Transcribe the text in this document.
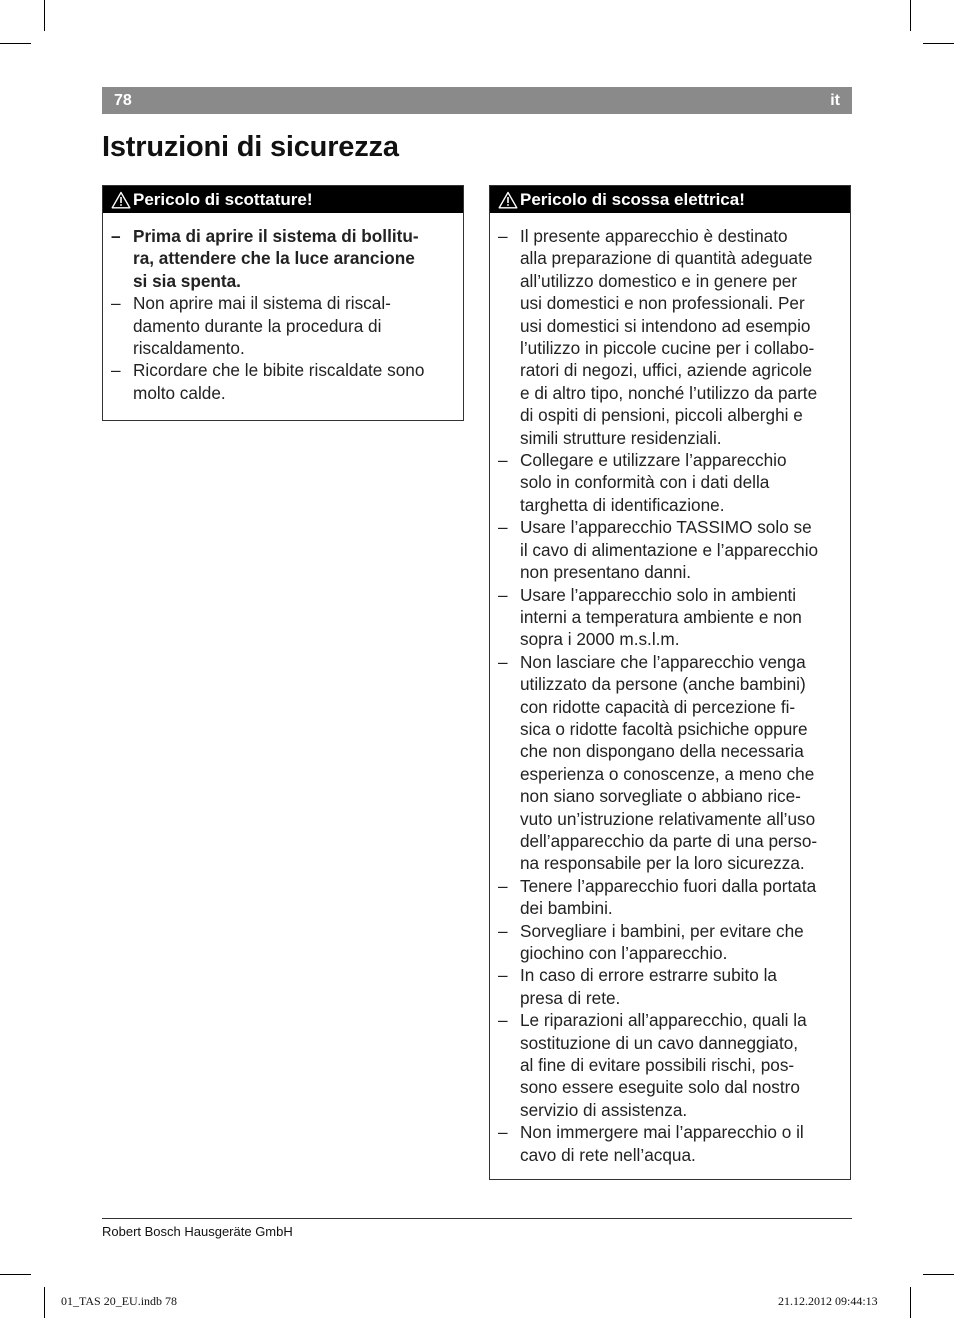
78	it
Istruzioni di sicurezza
Pericolo di scottature!
– Prima di aprire il sistema di bollitu-
ra, attendere che la luce arancione
si sia spenta.
– Non aprire mai il sistema di riscal-
damento durante la procedura di
riscaldamento.
– Ricordare che le bibite riscaldate sono
molto calde.
Pericolo di scossa elettrica!
– Il presente apparecchio è destinato
alla preparazione di quantità adeguate
all’utilizzo domestico e in genere per
usi domestici e non professionali. Per
usi domestici si intendono ad esempio
l’utilizzo in piccole cucine per i collabo-
ratori di negozi, uffici, aziende agricole
e di altro tipo, nonché l’utilizzo da parte
di ospiti di pensioni, piccoli alberghi e
simili strutture residenziali.
– Collegare e utilizzare l’apparecchio
solo in conformità con i dati della
targhetta di identificazione.
– Usare l’apparecchio TASSIMO solo se
il cavo di alimentazione e l’apparecchio
non presentano danni.
– Usare l’apparecchio solo in ambienti
interni a temperatura ambiente e non
sopra i 2000 m.s.l.m.
– Non lasciare che l’apparecchio venga
utilizzato da persone (anche bambini)
con ridotte capacità di percezione fi-
sica o ridotte facoltà psichiche oppure
che non dispongano della necessaria
esperienza o conoscenze, a meno che
non siano sorvegliate o abbiano rice-
vuto un’istruzione relativamente all’uso
dell’apparecchio da parte di una perso-
na responsabile per la loro sicurezza.
– Tenere l’apparecchio fuori dalla portata
dei bambini.
– Sorvegliare i bambini, per evitare che
giochino con l’apparecchio.
– In caso di errore estrarre subito la
presa di rete.
– Le riparazioni all’apparecchio, quali la
sostituzione di un cavo danneggiato,
al fine di evitare possibili rischi, pos-
sono essere eseguite solo dal nostro
servizio di assistenza.
– Non immergere mai l’apparecchio o il
cavo di rete nell’acqua.
Robert Bosch Hausgeräte GmbH
01_TAS 20_EU.indb 78	21.12.2012 09:44:13
